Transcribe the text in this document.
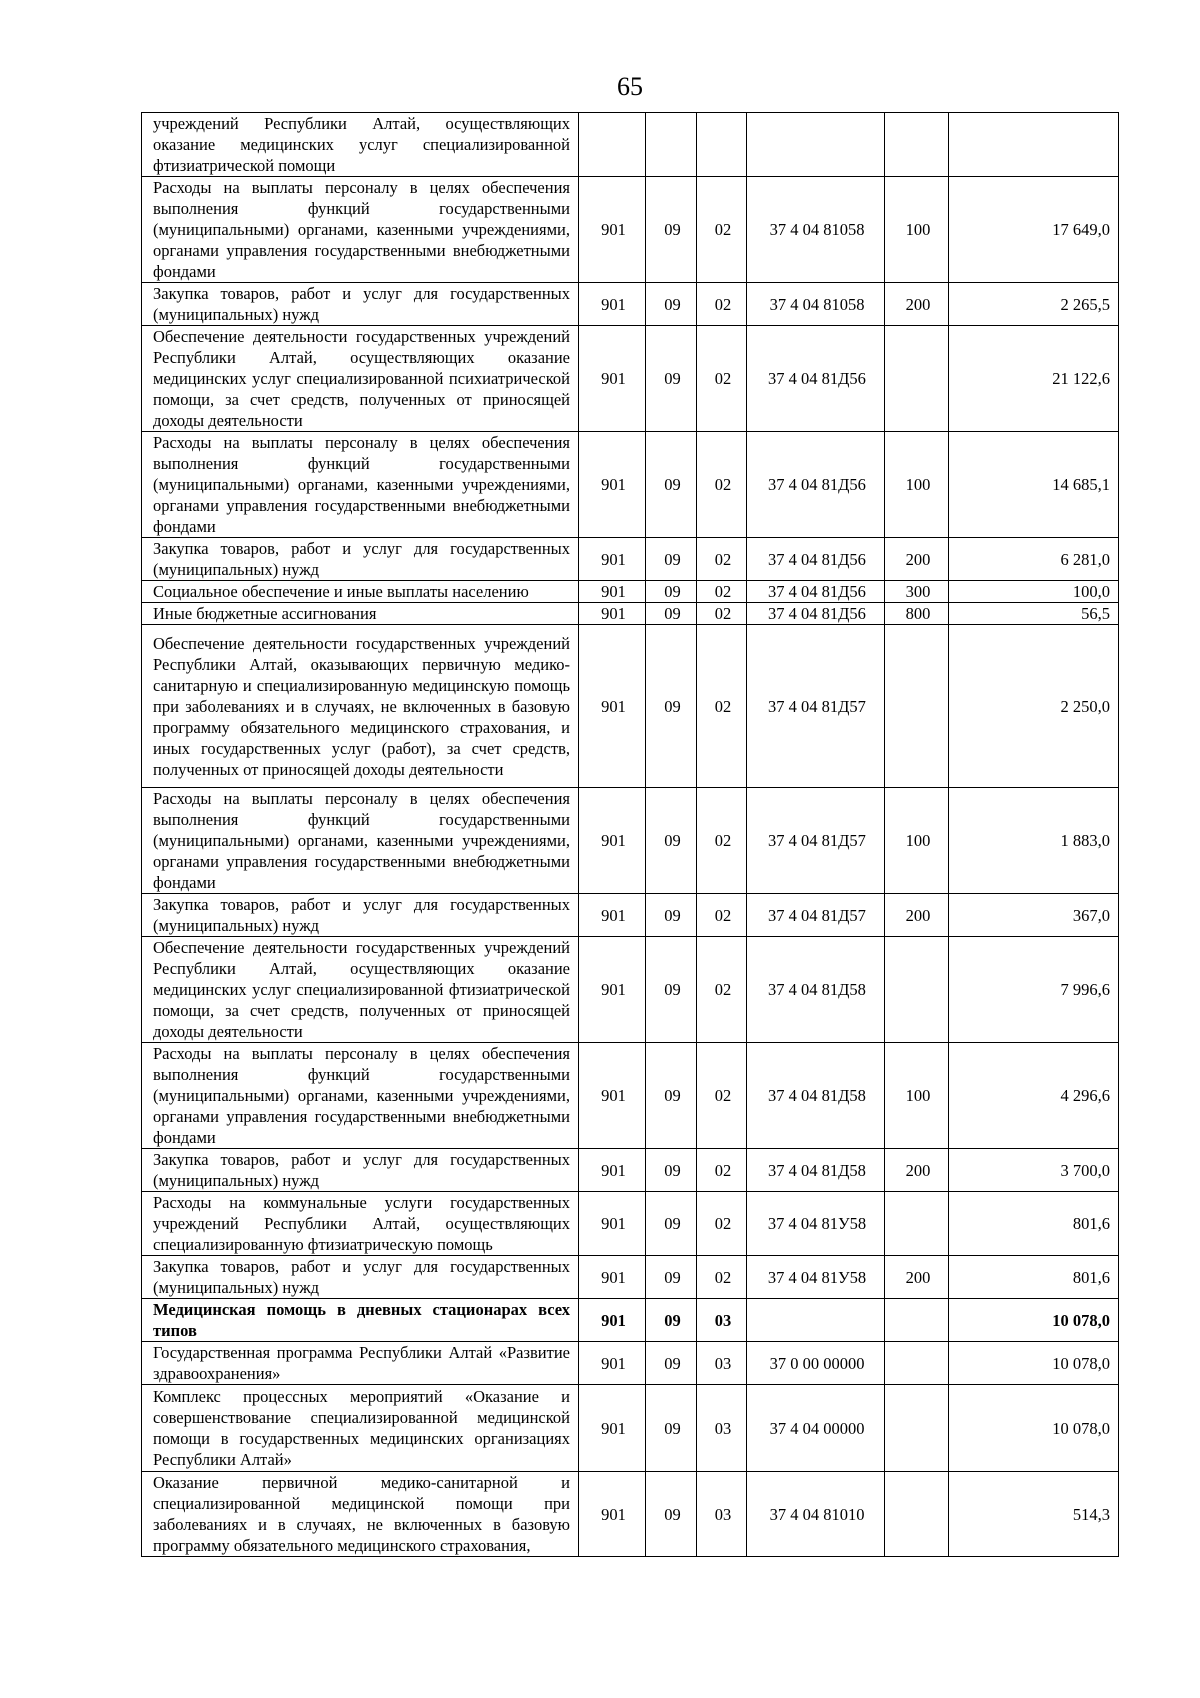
65
учреждений Республики Алтай, осуществляющих оказание медицинских услуг специализированной фтизиатрической помощи						
Расходы на выплаты персоналу в целях обеспечения выполнения функций государственными (муниципальными) органами, казенными учреждениями, органами управления государственными внебюджетными фондами	901	09	02	37 4 04 81058	100	17 649,0
Закупка товаров, работ и услуг для государственных (муниципальных) нужд	901	09	02	37 4 04 81058	200	2 265,5
Обеспечение деятельности государственных учреждений Республики Алтай, осуществляющих оказание медицинских услуг специализированной психиатрической помощи, за счет средств, полученных от приносящей доходы деятельности	901	09	02	37 4 04 81Д56		21 122,6
Расходы на выплаты персоналу в целях обеспечения выполнения функций государственными (муниципальными) органами, казенными учреждениями, органами управления государственными внебюджетными фондами	901	09	02	37 4 04 81Д56	100	14 685,1
Закупка товаров, работ и услуг для государственных (муниципальных) нужд	901	09	02	37 4 04 81Д56	200	6 281,0
Социальное обеспечение и иные выплаты населению	901	09	02	37 4 04 81Д56	300	100,0
Иные бюджетные ассигнования	901	09	02	37 4 04 81Д56	800	56,5
Обеспечение деятельности государственных учреждений Республики Алтай, оказывающих первичную медико-санитарную и специализированную медицинскую помощь при заболеваниях и в случаях, не включенных в базовую программу обязательного медицинского страхования, и иных государственных услуг (работ), за счет средств, полученных от приносящей доходы деятельности	901	09	02	37 4 04 81Д57		2 250,0
Расходы на выплаты персоналу в целях обеспечения выполнения функций государственными (муниципальными) органами, казенными учреждениями, органами управления государственными внебюджетными фондами	901	09	02	37 4 04 81Д57	100	1 883,0
Закупка товаров, работ и услуг для государственных (муниципальных) нужд	901	09	02	37 4 04 81Д57	200	367,0
Обеспечение деятельности государственных учреждений Республики Алтай, осуществляющих оказание медицинских услуг специализированной фтизиатрической помощи, за счет средств, полученных от приносящей доходы деятельности	901	09	02	37 4 04 81Д58		7 996,6
Расходы на выплаты персоналу в целях обеспечения выполнения функций государственными (муниципальными) органами, казенными учреждениями, органами управления государственными внебюджетными фондами	901	09	02	37 4 04 81Д58	100	4 296,6
Закупка товаров, работ и услуг для государственных (муниципальных) нужд	901	09	02	37 4 04 81Д58	200	3 700,0
Расходы на коммунальные услуги государственных учреждений Республики Алтай, осуществляющих специализированную фтизиатрическую помощь	901	09	02	37 4 04 81У58		801,6
Закупка товаров, работ и услуг для государственных (муниципальных) нужд	901	09	02	37 4 04 81У58	200	801,6
Медицинская помощь в дневных стационарах всех типов	901	09	03			10 078,0
Государственная программа Республики Алтай «Развитие здравоохранения»	901	09	03	37 0 00 00000		10 078,0
Комплекс процессных мероприятий «Оказание и совершенствование специализированной медицинской помощи в государственных медицинских организациях Республики Алтай»	901	09	03	37 4 04 00000		10 078,0
Оказание первичной медико-санитарной и специализированной медицинской помощи при заболеваниях и в случаях, не включенных в базовую программу обязательного медицинского страхования,	901	09	03	37 4 04 81010		514,3
